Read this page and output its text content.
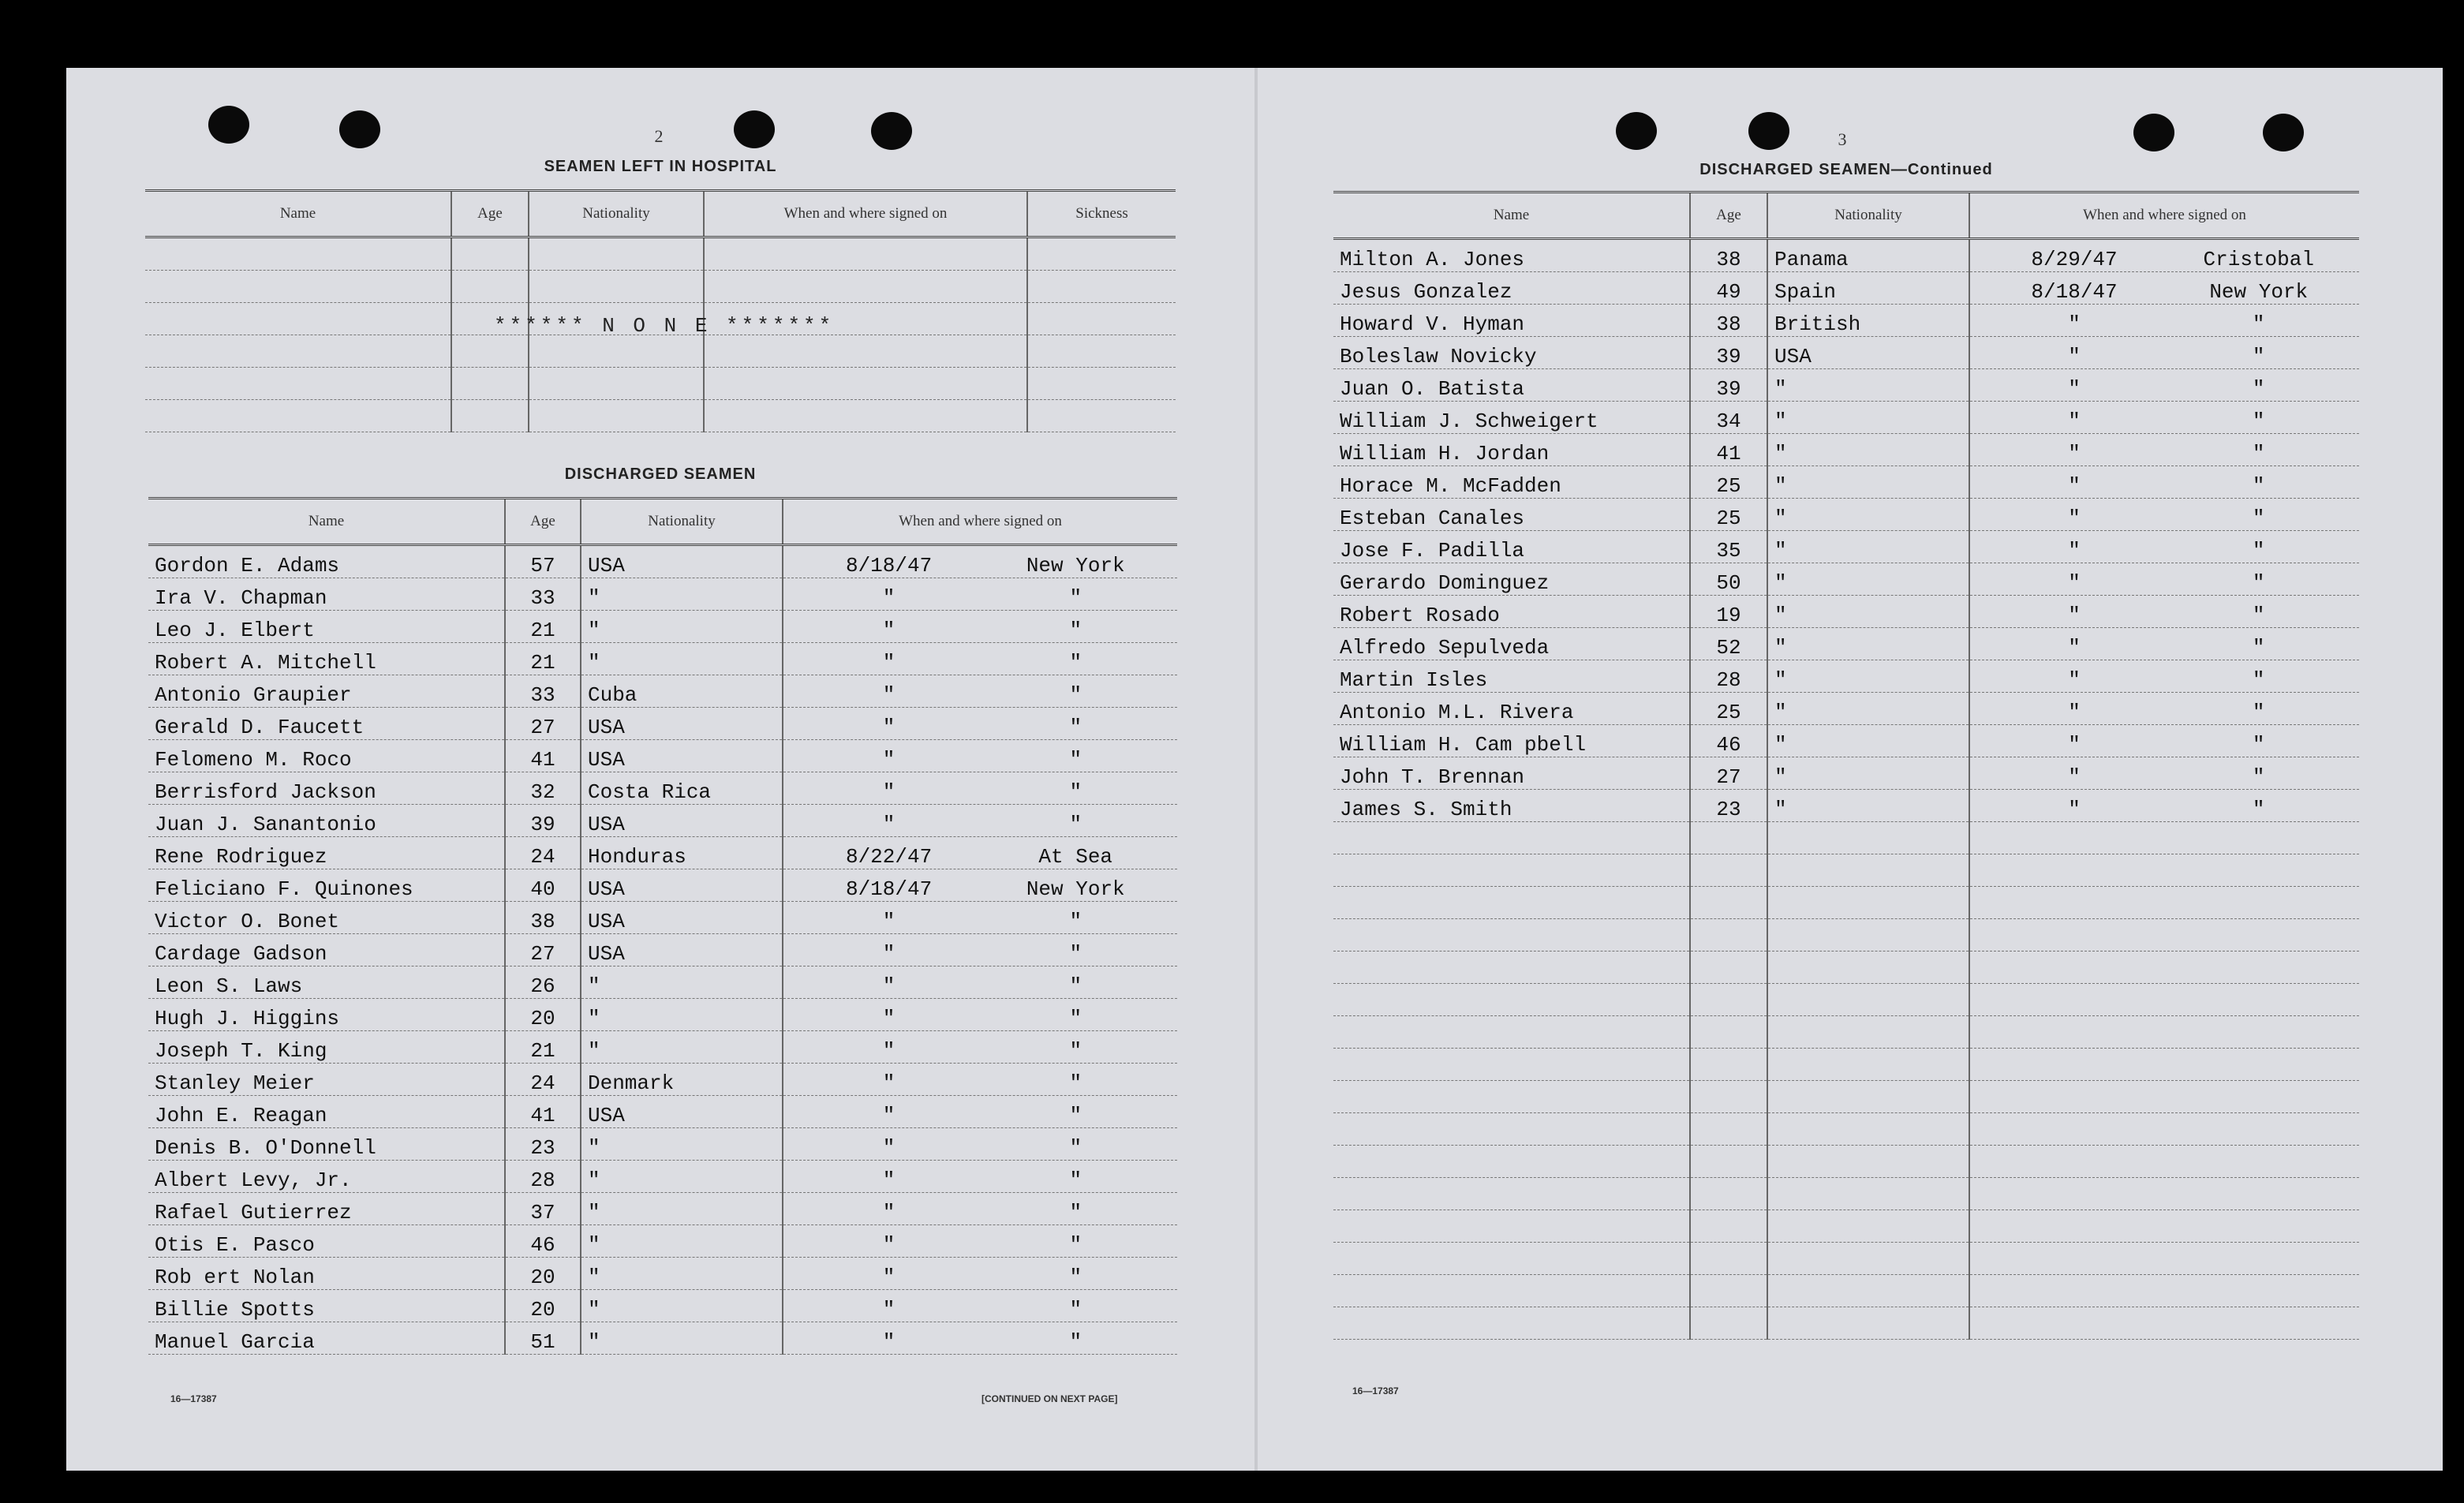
2
SEAMEN LEFT IN HOSPITAL
Name	Age	Nationality	When and where signed on	Sickness

****** N O N E *******
DISCHARGED SEAMEN
Name	Age	Nationality	When and where signed on
Gordon E. Adams	57	USA	8/18/47 New York
Ira V. Chapman	33	"	" "
Leo J. Elbert	21	"	" "
Robert A. Mitchell	21	"	" "
Antonio Graupier	33	Cuba	" "
Gerald D. Faucett	27	USA	" "
Felomeno M. Roco	41	USA	" "
Berrisford Jackson	32	Costa Rica	" "
Juan J. Sanantonio	39	USA	" "
Rene Rodriguez	24	Honduras	8/22/47 At Sea
Feliciano F. Quinones	40	USA	8/18/47 New York
Victor O. Bonet	38	USA	" "
Cardage Gadson	27	USA	" "
Leon S. Laws	26	"	" "
Hugh J. Higgins	20	"	" "
Joseph T. King	21	"	" "
Stanley Meier	24	Denmark	" "
John E. Reagan	41	USA	" "
Denis B. O'Donnell	23	"	" "
Albert Levy, Jr.	28	"	" "
Rafael Gutierrez	37	"	" "
Otis E. Pasco	46	"	" "
Rob ert Nolan	20	"	" "
Billie Spotts	20	"	" "
Manuel Garcia	51	"	" "
16—17387	[CONTINUED ON NEXT PAGE]
3
DISCHARGED SEAMEN—Continued
Name	Age	Nationality	When and where signed on
Milton A. Jones	38	Panama	8/29/47 Cristobal
Jesus Gonzalez	49	Spain	8/18/47 New York
Howard V. Hyman	38	British	" "
Boleslaw Novicky	39	USA	" "
Juan O. Batista	39	"	" "
William J. Schweigert	34	"	" "
William H. Jordan	41	"	" "
Horace M. McFadden	25	"	" "
Esteban Canales	25	"	" "
Jose F. Padilla	35	"	" "
Gerardo Dominguez	50	"	" "
Robert Rosado	19	"	" "
Alfredo Sepulveda	52	"	" "
Martin Isles	28	"	" "
Antonio M.L. Rivera	25	"	" "
William H. Cam pbell	46	"	" "
John T. Brennan	27	"	" "
James S. Smith	23	"	" "

16—17387
